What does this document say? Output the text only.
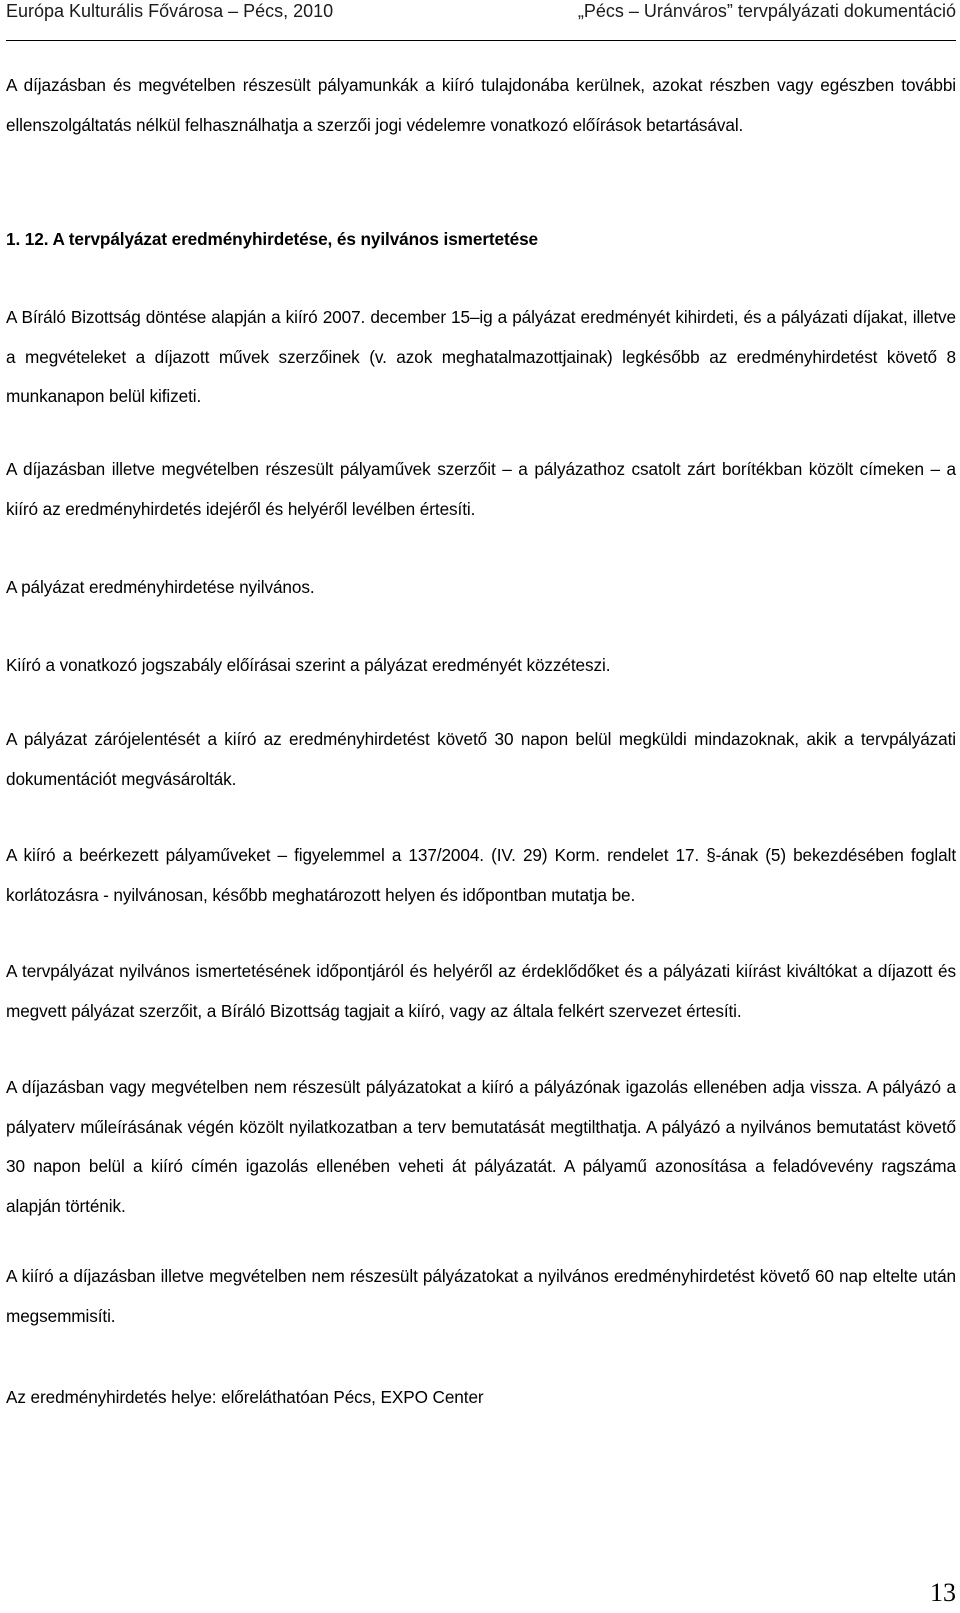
Európa Kulturális Fővárosa – Pécs, 2010	„Pécs – Uránváros” tervpályázati dokumentáció

A díjazásban és megvételben részesült pályamunkák a kiíró tulajdonába kerülnek, azokat részben vagy egészben további ellenszolgáltatás nélkül felhasználhatja a szerzői jogi védelemre vonatkozó előírások betartásával.

1. 12. A tervpályázat eredményhirdetése, és nyilvános ismertetése

A Bíráló Bizottság döntése alapján a kiíró 2007. december 15–ig a pályázat eredményét kihirdeti, és a pályázati díjakat, illetve a megvételeket a díjazott művek szerzőinek (v. azok meghatalmazottjainak) legkésőbb az eredményhirdetést követő 8 munkanapon belül kifizeti.

A díjazásban illetve megvételben részesült pályaművek szerzőit – a pályázathoz csatolt zárt borítékban közölt címeken – a kiíró az eredményhirdetés idejéről és helyéről levélben értesíti.

A pályázat eredményhirdetése nyilvános.

Kiíró a vonatkozó jogszabály előírásai szerint a pályázat eredményét közzéteszi.

A pályázat zárójelentését a kiíró az eredményhirdetést követő 30 napon belül megküldi mindazoknak, akik a tervpályázati dokumentációt megvásárolták.

A kiíró a beérkezett pályaműveket – figyelemmel a 137/2004. (IV. 29) Korm. rendelet 17. §-ának (5) bekezdésében foglalt korlátozásra - nyilvánosan, később meghatározott helyen és időpontban mutatja be.

A tervpályázat nyilvános ismertetésének időpontjáról és helyéről az érdeklődőket és a pályázati kiírást kiváltókat a díjazott és megvett pályázat szerzőit, a Bíráló Bizottság tagjait a kiíró, vagy az általa felkért szervezet értesíti.

A díjazásban vagy megvételben nem részesült pályázatokat a kiíró a pályázónak igazolás ellenében adja vissza. A pályázó a pályaterv műleírásának végén közölt nyilatkozatban a terv bemutatását megtilthatja. A pályázó a nyilvános bemutatást követő 30 napon belül a kiíró címén igazolás ellenében veheti át pályázatát. A pályamű azonosítása a feladóvevény ragszáma alapján történik.

A kiíró a díjazásban illetve megvételben nem részesült pályázatokat a nyilvános eredményhirdetést követő 60 nap eltelte után megsemmisíti.

Az eredményhirdetés helye: előreláthatóan Pécs, EXPO Center

13
